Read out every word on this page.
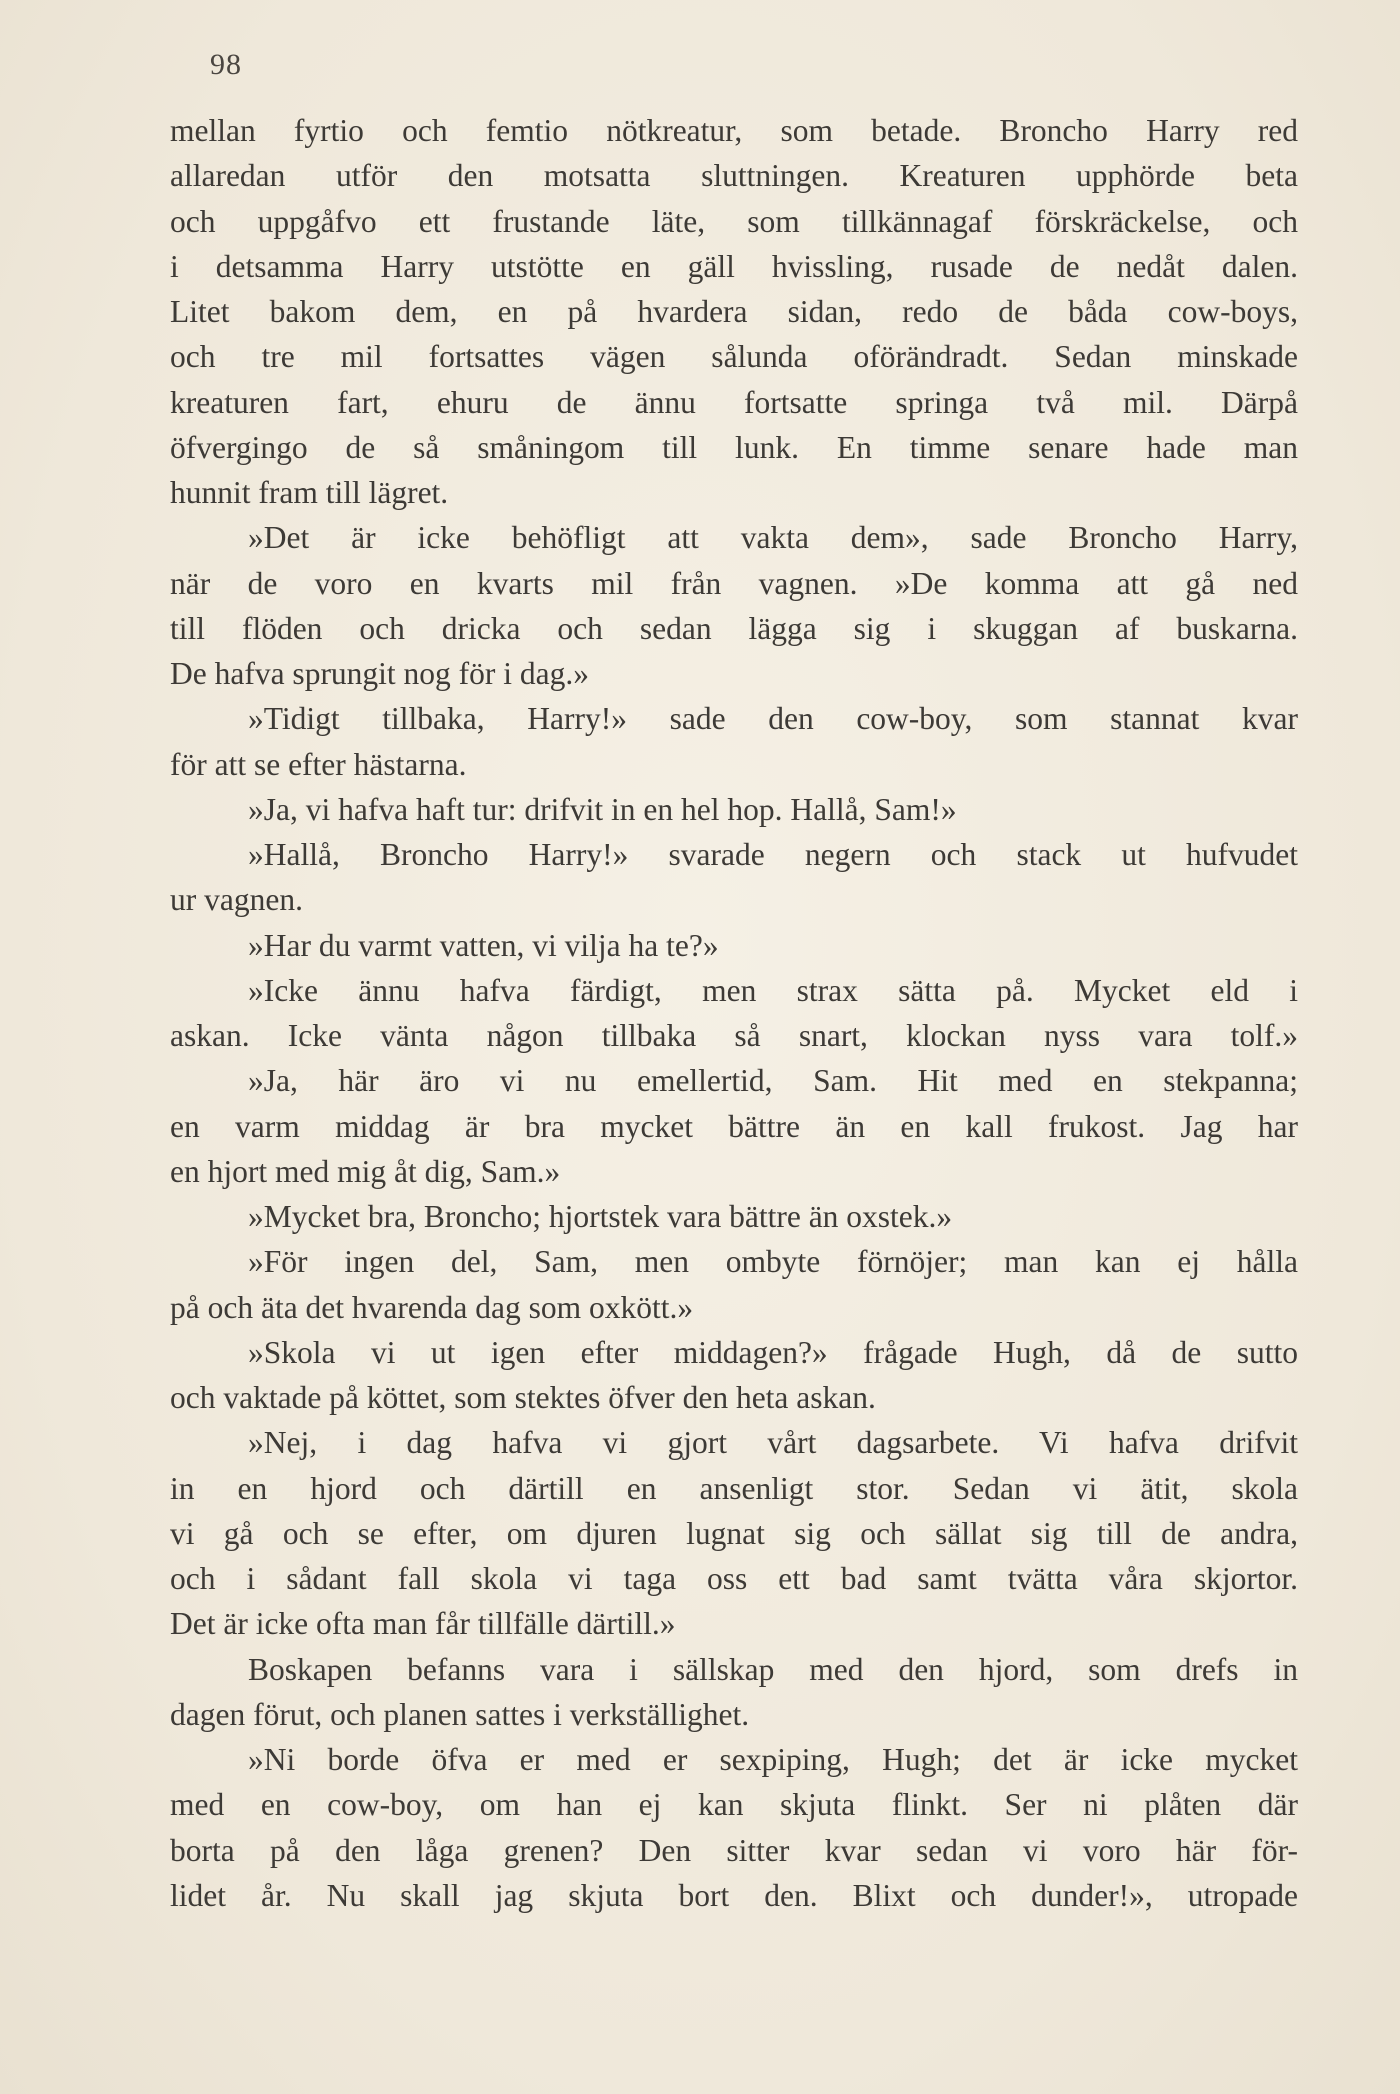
98
mellan fyrtio och femtio nötkreatur, som betade. Broncho Harry red
allaredan utför den motsatta sluttningen. Kreaturen upphörde beta
och uppgåfvo ett frustande läte, som tillkännagaf förskräckelse, och
i detsamma Harry utstötte en gäll hvissling, rusade de nedåt dalen.
Litet bakom dem, en på hvardera sidan, redo de båda cow-boys,
och tre mil fortsattes vägen sålunda oförändradt. Sedan minskade
kreaturen fart, ehuru de ännu fortsatte springa två mil. Därpå
öfvergingo de så småningom till lunk. En timme senare hade man
hunnit fram till lägret.
»Det är icke behöfligt att vakta dem», sade Broncho Harry,
när de voro en kvarts mil från vagnen. »De komma att gå ned
till flöden och dricka och sedan lägga sig i skuggan af buskarna.
De hafva sprungit nog för i dag.»
»Tidigt tillbaka, Harry!» sade den cow-boy, som stannat kvar
för att se efter hästarna.
»Ja, vi hafva haft tur: drifvit in en hel hop. Hallå, Sam!»
»Hallå, Broncho Harry!» svarade negern och stack ut hufvudet
ur vagnen.
»Har du varmt vatten, vi vilja ha te?»
»Icke ännu hafva färdigt, men strax sätta på. Mycket eld i
askan. Icke vänta någon tillbaka så snart, klockan nyss vara tolf.»
»Ja, här äro vi nu emellertid, Sam. Hit med en stekpanna;
en varm middag är bra mycket bättre än en kall frukost. Jag har
en hjort med mig åt dig, Sam.»
»Mycket bra, Broncho; hjortstek vara bättre än oxstek.»
»För ingen del, Sam, men ombyte förnöjer; man kan ej hålla
på och äta det hvarenda dag som oxkött.»
»Skola vi ut igen efter middagen?» frågade Hugh, då de sutto
och vaktade på köttet, som stektes öfver den heta askan.
»Nej, i dag hafva vi gjort vårt dagsarbete. Vi hafva drifvit
in en hjord och därtill en ansenligt stor. Sedan vi ätit, skola
vi gå och se efter, om djuren lugnat sig och sällat sig till de andra,
och i sådant fall skola vi taga oss ett bad samt tvätta våra skjortor.
Det är icke ofta man får tillfälle därtill.»
Boskapen befanns vara i sällskap med den hjord, som drefs in
dagen förut, och planen sattes i verkställighet.
»Ni borde öfva er med er sexpiping, Hugh; det är icke mycket
med en cow-boy, om han ej kan skjuta flinkt. Ser ni plåten där
borta på den låga grenen? Den sitter kvar sedan vi voro här för-
lidet år. Nu skall jag skjuta bort den. Blixt och dunder!», utropade
